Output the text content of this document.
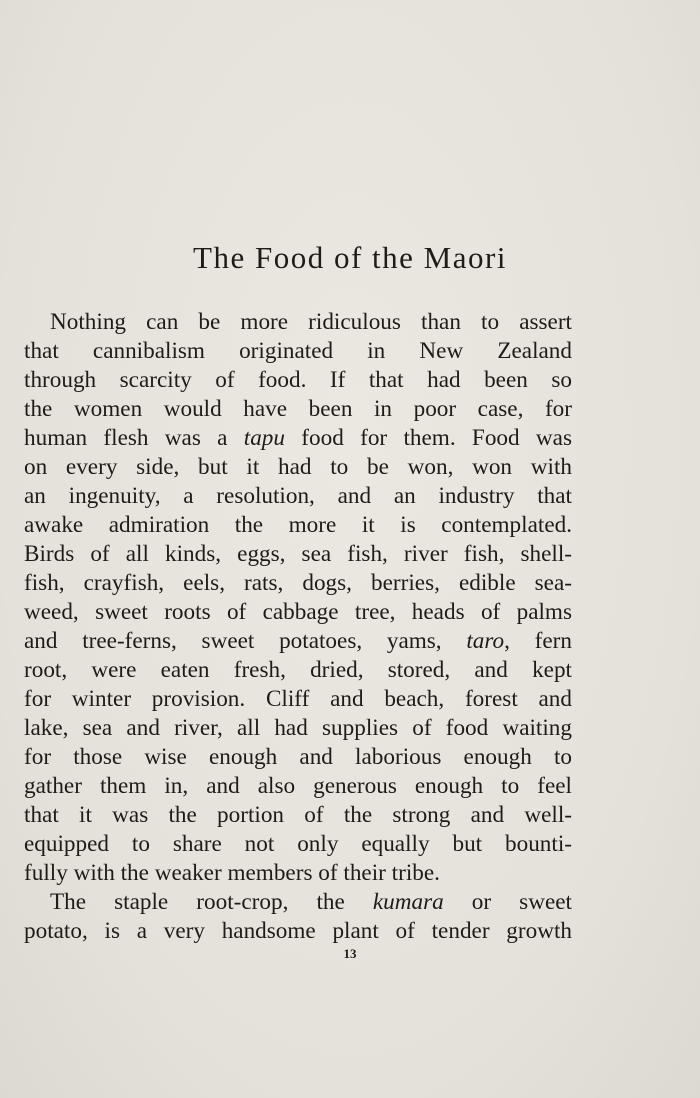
The Food of the Maori
Nothing can be more ridiculous than to assert
that cannibalism originated in New Zealand
through scarcity of food. If that had been so
the women would have been in poor case, for
human flesh was a tapu food for them. Food was
on every side, but it had to be won, won with
an ingenuity, a resolution, and an industry that
awake admiration the more it is contemplated.
Birds of all kinds, eggs, sea fish, river fish, shell-
fish, crayfish, eels, rats, dogs, berries, edible sea-
weed, sweet roots of cabbage tree, heads of palms
and tree-ferns, sweet potatoes, yams, taro, fern
root, were eaten fresh, dried, stored, and kept
for winter provision. Cliff and beach, forest and
lake, sea and river, all had supplies of food waiting
for those wise enough and laborious enough to
gather them in, and also generous enough to feel
that it was the portion of the strong and well-
equipped to share not only equally but bounti-
fully with the weaker members of their tribe.
The staple root-crop, the kumara or sweet
potato, is a very handsome plant of tender growth
13
